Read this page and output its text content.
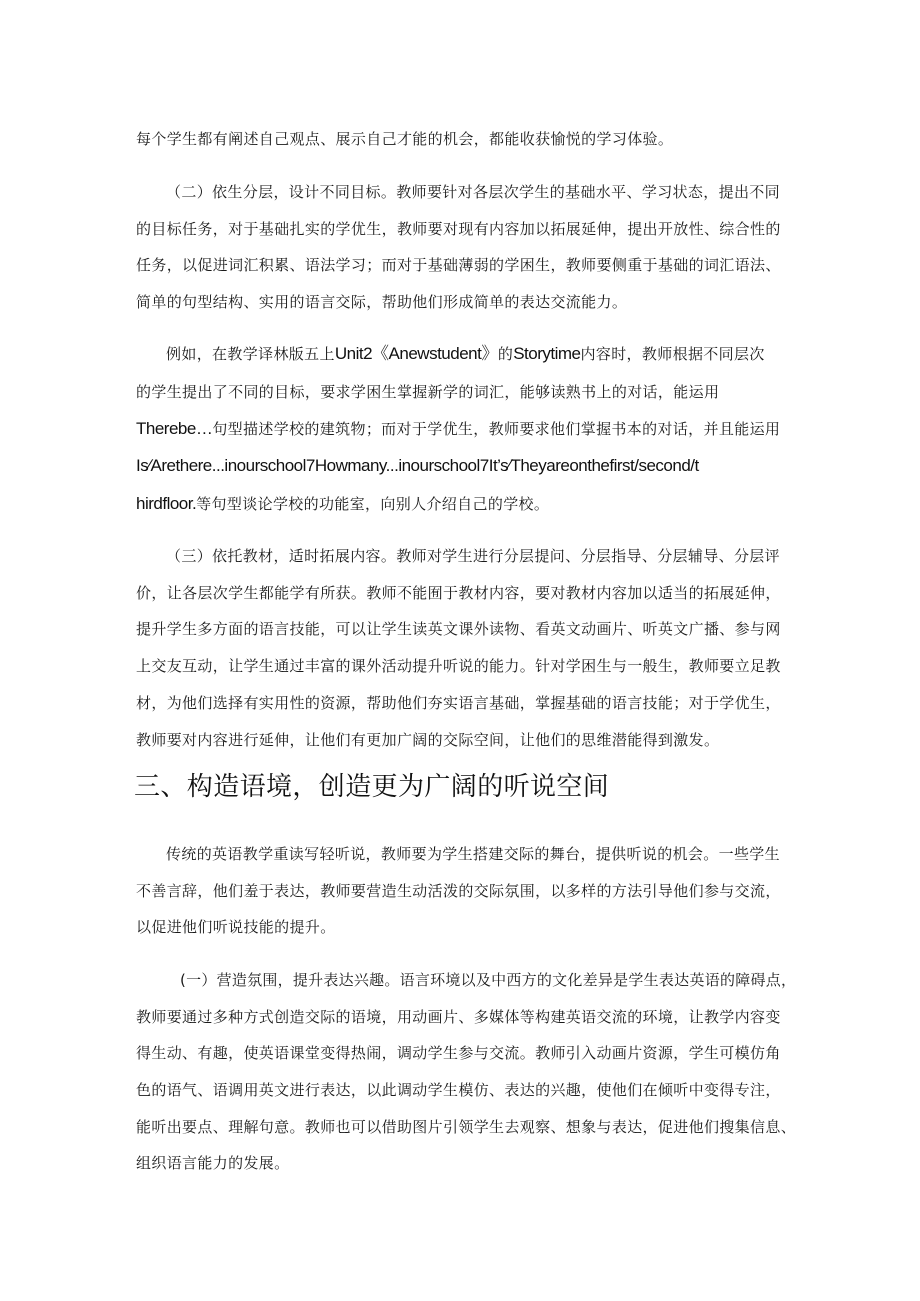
每个学生都有阐述自己观点、展示自己才能的机会，都能收获愉悦的学习体验。
（二）依生分层，设计不同目标。教师要针对各层次学生的基础水平、学习状态，提出不同
的目标任务，对于基础扎实的学优生，教师要对现有内容加以拓展延伸，提出开放性、综合性的
任务，以促进词汇积累、语法学习；而对于基础薄弱的学困生，教师要侧重于基础的词汇语法、
简单的句型结构、实用的语言交际，帮助他们形成简单的表达交流能力。
例如，在教学译林版五上Unit2《Anewstudent》的Storytime内容时，教师根据不同层次
的学生提出了不同的目标，要求学困生掌握新学的词汇，能够读熟书上的对话，能运用
Therebe…句型描述学校的建筑物；而对于学优生，教师要求他们掌握书本的对话，并且能运用
Is∕Arethere...inourschool7Howmany...inourschool7It’s∕Theyareonthefirst/second/t
hirdfloor.等句型谈论学校的功能室，向别人介绍自己的学校。
（三）依托教材，适时拓展内容。教师对学生进行分层提问、分层指导、分层辅导、分层评
价，让各层次学生都能学有所获。教师不能囿于教材内容，要对教材内容加以适当的拓展延伸，
提升学生多方面的语言技能，可以让学生读英文课外读物、看英文动画片、听英文广播、参与网
上交友互动，让学生通过丰富的课外活动提升听说的能力。针对学困生与一般生，教师要立足教
材，为他们选择有实用性的资源，帮助他们夯实语言基础，掌握基础的语言技能；对于学优生，
教师要对内容进行延伸，让他们有更加广阔的交际空间，让他们的思维潜能得到激发。
三、构造语境，创造更为广阔的听说空间
传统的英语教学重读写轻听说，教师要为学生搭建交际的舞台，提供听说的机会。一些学生
不善言辞，他们羞于表达，教师要营造生动活泼的交际氛围，以多样的方法引导他们参与交流，
以促进他们听说技能的提升。
(一）营造氛围，提升表达兴趣。语言环境以及中西方的文化差异是学生表达英语的障碍点，
教师要通过多种方式创造交际的语境，用动画片、多媒体等构建英语交流的环境，让教学内容变
得生动、有趣，使英语课堂变得热闹，调动学生参与交流。教师引入动画片资源，学生可模仿角
色的语气、语调用英文进行表达，以此调动学生模仿、表达的兴趣，使他们在倾听中变得专注，
能听出要点、理解句意。教师也可以借助图片引领学生去观察、想象与表达，促进他们搜集信息、
组织语言能力的发展。
